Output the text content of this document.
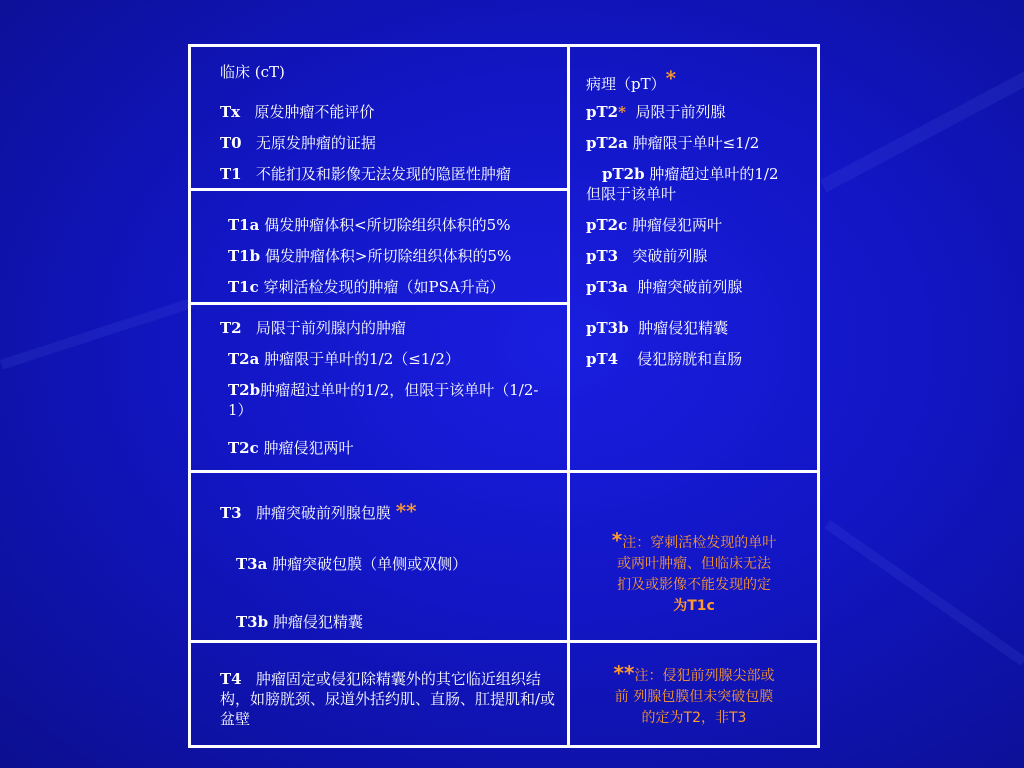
临床 (cT)
Tx 原发肿瘤不能评价
T0 无原发肿瘤的证据
T1 不能扪及和影像无法发现的隐匿性肿瘤
T1a 偶发肿瘤体积<所切除组织体积的5%
T1b 偶发肿瘤体积>所切除组织体积的5%
T1c 穿刺活检发现的肿瘤（如PSA升高）
T2 局限于前列腺内的肿瘤
T2a 肿瘤限于单叶的1/2（≤1/2）
T2b肿瘤超过单叶的1/2，但限于该单叶（1/2-1）
T2c 肿瘤侵犯两叶
T3 肿瘤突破前列腺包膜 **
T3a 肿瘤突破包膜（单侧或双侧）
T3b 肿瘤侵犯精囊
T4 肿瘤固定或侵犯除精囊外的其它临近组织结构，如膀胱颈、尿道外括约肌、直肠、肛提肌和/或盆壁
病理（pT）*
pT2* 局限于前列腺
pT2a 肿瘤限于单叶≤1/2
pT2b 肿瘤超过单叶的1/2
但限于该单叶
pT2c 肿瘤侵犯两叶
pT3 突破前列腺
pT3a 肿瘤突破前列腺
pT3b 肿瘤侵犯精囊
pT4 侵犯膀胱和直肠
*注：穿刺活检发现的单叶
或两叶肿瘤、但临床无法
扪及或影像不能发现的定
为T1c
**注：侵犯前列腺尖部或
前 列腺包膜但未突破包膜
的定为T2，非T3
